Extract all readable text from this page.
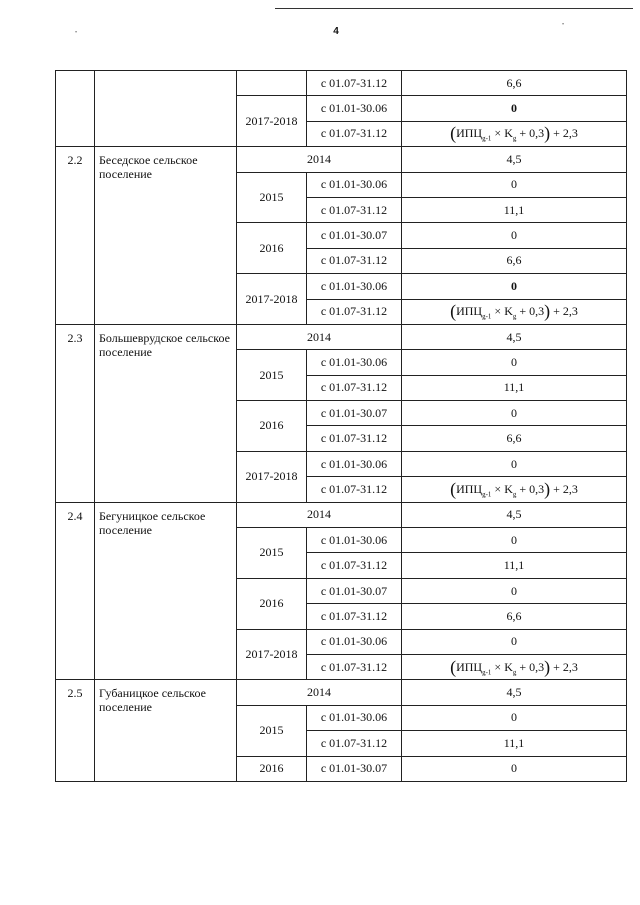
4
•
•
			с 01.07-31.12	6,6
		2017-2018	с 01.01-30.06	0
			с 01.07-31.12	$(ИПЦ_{g-1} \times K_g + 0,3) + 2,3$
2.2	Беседское сельское поселение	2014		4,5
		2015	с 01.01-30.06	0
			с 01.07-31.12	11,1
		2016	с 01.01-30.07	0
			с 01.07-31.12	6,6
		2017-2018	с 01.01-30.06	0
			с 01.07-31.12	$(ИПЦ_{g-1} \times K_g + 0,3) + 2,3$
2.3	Большеврудское сельское поселение	2014		4,5
		2015	с 01.01-30.06	0
			с 01.07-31.12	11,1
		2016	с 01.01-30.07	0
			с 01.07-31.12	6,6
		2017-2018	с 01.01-30.06	0
			с 01.07-31.12	$(ИПЦ_{g-1} \times K_g + 0,3) + 2,3$
2.4	Бегуницкое сельское поселение	2014		4,5
		2015	с 01.01-30.06	0
			с 01.07-31.12	11,1
		2016	с 01.01-30.07	0
			с 01.07-31.12	6,6
		2017-2018	с 01.01-30.06	0
			с 01.07-31.12	$(ИПЦ_{g-1} \times K_g + 0,3) + 2,3$
2.5	Губаницкое сельское поселение	2014		4,5
		2015	с 01.01-30.06	0
			с 01.07-31.12	11,1
		2016	с 01.01-30.07	0
